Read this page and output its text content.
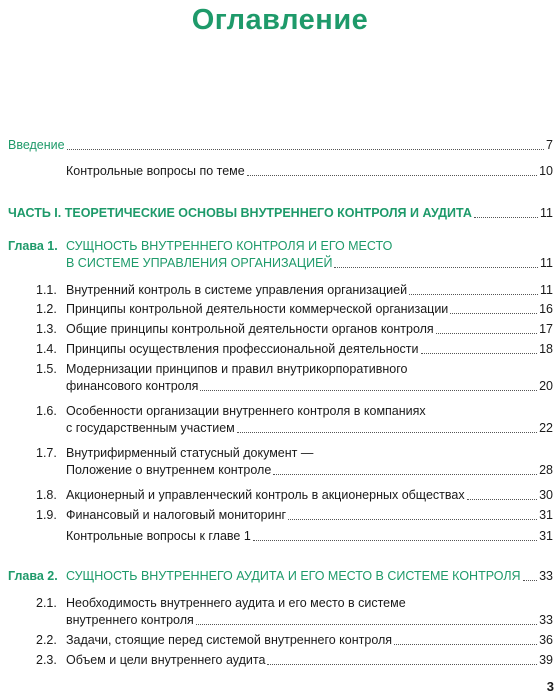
Оглавление
Введение	7
Контрольные вопросы по теме	10
ЧАСТЬ I. ТЕОРЕТИЧЕСКИЕ ОСНОВЫ ВНУТРЕННЕГО КОНТРОЛЯ И АУДИТА	11
Глава 1. СУЩНОСТЬ ВНУТРЕННЕГО КОНТРОЛЯ И ЕГО МЕСТО
В СИСТЕМЕ УПРАВЛЕНИЯ ОРГАНИЗАЦИЕЙ	11
1.1. Внутренний контроль в системе управления организацией	11
1.2. Принципы контрольной деятельности коммерческой организации	16
1.3. Общие принципы контрольной деятельности органов контроля	17
1.4. Принципы осуществления профессиональной деятельности	18
1.5. Модернизации принципов и правил внутрикорпоративного
финансового контроля	20
1.6. Особенности организации внутреннего контроля в компаниях
с государственным участием	22
1.7. Внутрифирменный статусный документ —
Положение о внутреннем контроле	28
1.8. Акционерный и управленческий контроль в акционерных обществах	30
1.9. Финансовый и налоговый мониторинг	31
Контрольные вопросы к главе 1	31
Глава 2. СУЩНОСТЬ ВНУТРЕННЕГО АУДИТА И ЕГО МЕСТО В СИСТЕМЕ КОНТРОЛЯ 33
2.1. Необходимость внутреннего аудита и его место в системе
внутреннего контроля	33
2.2. Задачи, стоящие перед системой внутреннего контроля	36
2.3. Объем и цели внутреннего аудита	39
3
